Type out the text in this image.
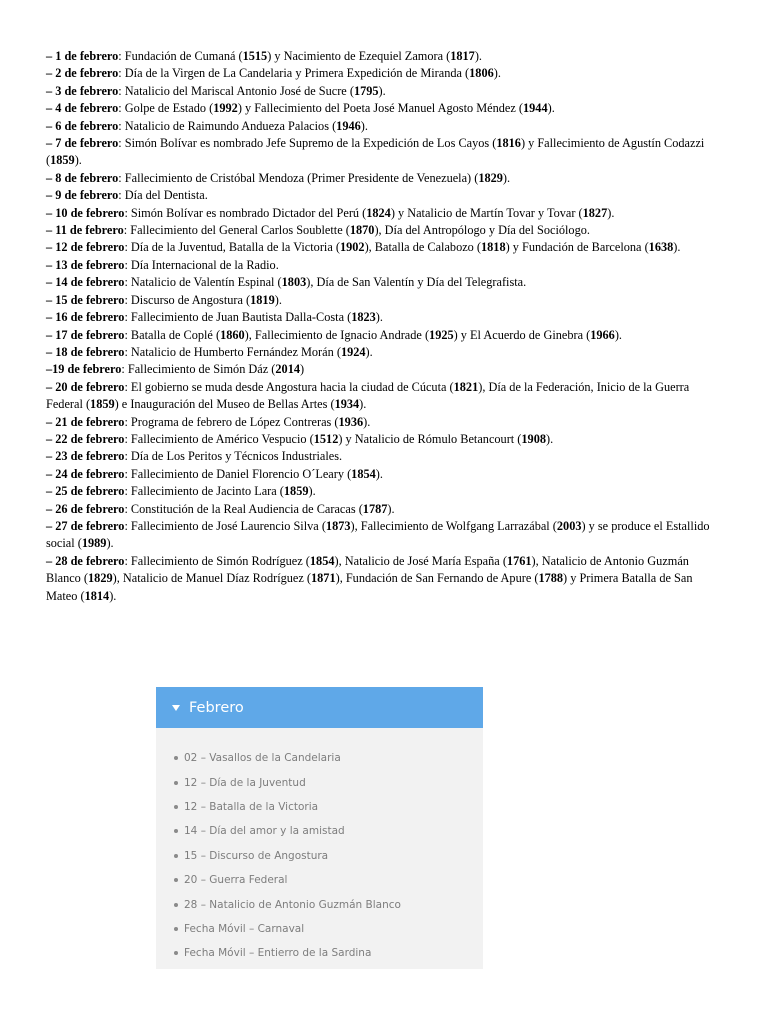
– 1 de febrero: Fundación de Cumaná (1515) y Nacimiento de Ezequiel Zamora (1817).

– 2 de febrero: Día de la Virgen de La Candelaria y Primera Expedición de Miranda (1806).

– 3 de febrero: Natalicio del Mariscal Antonio José de Sucre (1795).

– 4 de febrero: Golpe de Estado (1992) y Fallecimiento del Poeta José Manuel Agosto Méndez (1944).

– 6 de febrero: Natalicio de Raimundo Andueza Palacios (1946).

– 7 de febrero: Simón Bolívar es nombrado Jefe Supremo de la Expedición de Los Cayos (1816) y Fallecimiento de Agustín Codazzi (1859).

– 8 de febrero: Fallecimiento de Cristóbal Mendoza (Primer Presidente de Venezuela) (1829).

– 9 de febrero: Día del Dentista.

– 10 de febrero: Simón Bolívar es nombrado Dictador del Perú (1824) y Natalicio de Martín Tovar y Tovar (1827).

– 11 de febrero: Fallecimiento del General Carlos Soublette (1870), Día del Antropólogo y Día del Sociólogo.

– 12 de febrero: Día de la Juventud, Batalla de la Victoria (1902), Batalla de Calabozo (1818) y Fundación de Barcelona (1638).

– 13 de febrero: Día Internacional de la Radio.

– 14 de febrero: Natalicio de Valentín Espinal (1803), Día de San Valentín y Día del Telegrafista.

– 15 de febrero: Discurso de Angostura (1819).

– 16 de febrero: Fallecimiento de Juan Bautista Dalla-Costa (1823).

– 17 de febrero: Batalla de Coplé (1860), Fallecimiento de Ignacio Andrade (1925) y El Acuerdo de Ginebra (1966).

– 18 de febrero: Natalicio de Humberto Fernández Morán (1924).

–19 de febrero: Fallecimiento de Simón Dáz (2014)

– 20 de febrero: El gobierno se muda desde Angostura hacia la ciudad de Cúcuta (1821), Día de la Federación, Inicio de la Guerra Federal (1859) e Inauguración del Museo de Bellas Artes (1934).

– 21 de febrero: Programa de febrero de López Contreras (1936).

– 22 de febrero: Fallecimiento de Américo Vespucio (1512) y Natalicio de Rómulo Betancourt (1908).

– 23 de febrero: Día de Los Peritos y Técnicos Industriales.

– 24 de febrero: Fallecimiento de Daniel Florencio O´Leary (1854).

– 25 de febrero: Fallecimiento de Jacinto Lara (1859).

– 26 de febrero: Constitución de la Real Audiencia de Caracas (1787).

– 27 de febrero: Fallecimiento de José Laurencio Silva (1873), Fallecimiento de Wolfgang Larrazábal (2003) y se produce el Estallido social (1989).

– 28 de febrero: Fallecimiento de Simón Rodríguez (1854), Natalicio de José María España (1761), Natalicio de Antonio Guzmán Blanco (1829), Natalicio de Manuel Díaz Rodríguez (1871), Fundación de San Fernando de Apure (1788) y Primera Batalla de San Mateo (1814).

Febrero
02 – Vasallos de la Candelaria
12 – Día de la Juventud
12 – Batalla de la Victoria
14 – Día del amor y la amistad
15 – Discurso de Angostura
20 – Guerra Federal
28 – Natalicio de Antonio Guzmán Blanco
Fecha Móvil – Carnaval
Fecha Móvil – Entierro de la Sardina
